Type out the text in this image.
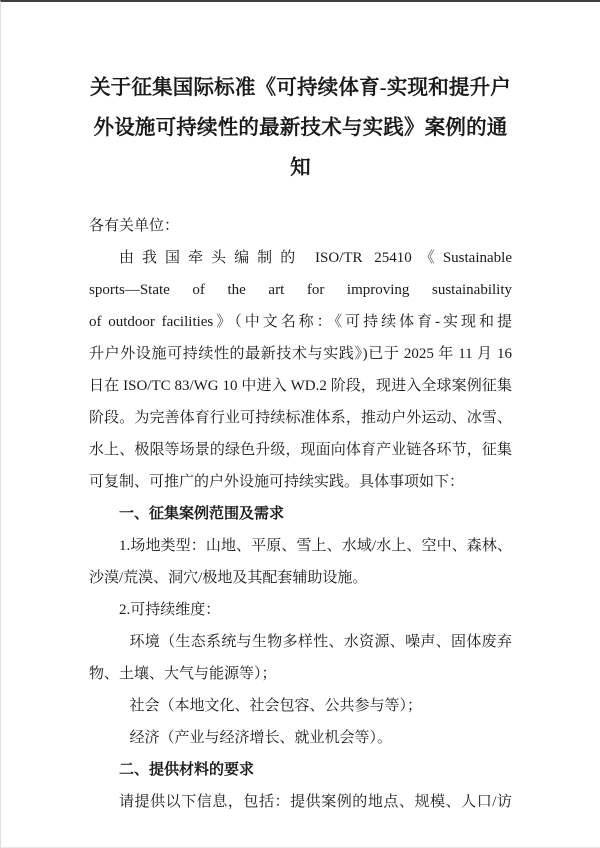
关于征集国际标准《可持续体育-实现和提升户

外设施可持续性的最新技术与实践》案例的通知

各有关单位：

由我国牵头编制的 ISO/TR 25410《Sustainable

sports—State of the art for improving sustainability

of outdoor facilities》（中文名称：《可持续体育-实现和提

升户外设施可持续性的最新技术与实践》)已于 2025 年 11 月 16

日在 ISO/TC 83/WG 10 中进入 WD.2 阶段，现进入全球案例征集

阶段。为完善体育行业可持续标准体系，推动户外运动、冰雪、

水上、极限等场景的绿色升级，现面向体育产业链各环节，征集

可复制、可推广的户外设施可持续实践。具体事项如下：

一、征集案例范围及需求

1.场地类型：山地、平原、雪上、水域/水上、空中、森林、

沙漠/荒漠、洞穴/极地及其配套辅助设施。

2.可持续维度：

环境（生态系统与生物多样性、水资源、噪声、固体废弃

物、土壤、大气与能源等）；

社会（本地文化、社会包容、公共参与等）；

经济（产业与经济增长、就业机会等）。

二、提供材料的要求

请提供以下信息，包括：提供案例的地点、规模、人口/访
